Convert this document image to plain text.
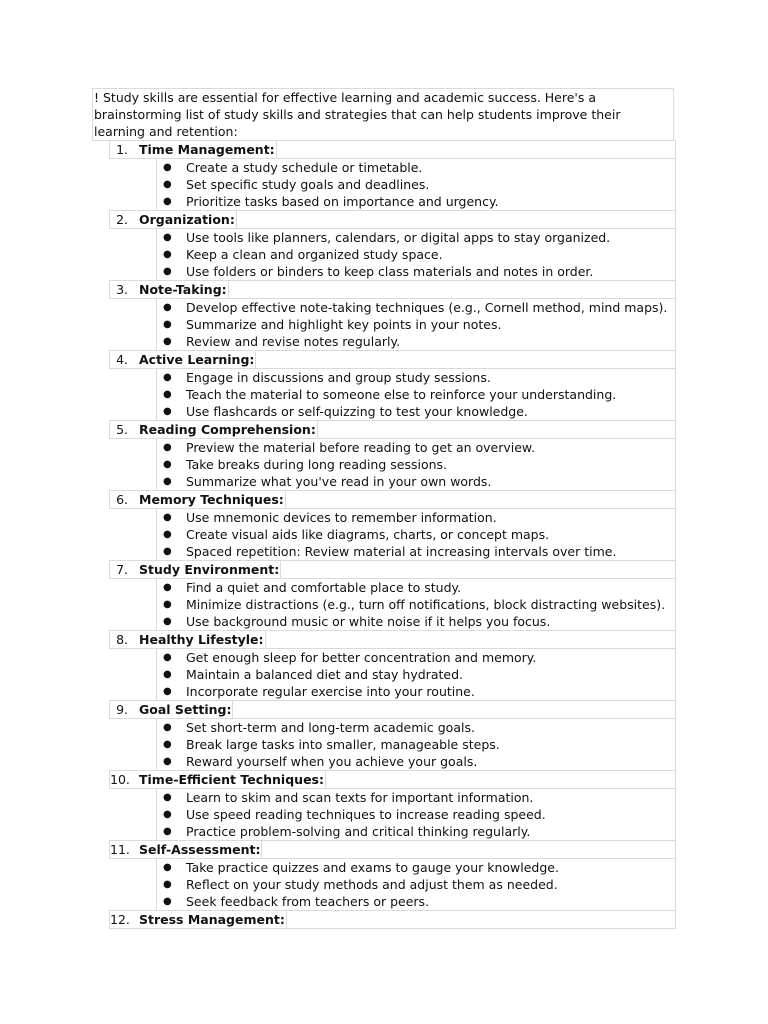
! Study skills are essential for effective learning and academic success. Here's a brainstorming list of study skills and strategies that can help students improve their learning and retention:
1. Time Management:
● Create a study schedule or timetable.
● Set specific study goals and deadlines.
● Prioritize tasks based on importance and urgency.
2. Organization:
● Use tools like planners, calendars, or digital apps to stay organized.
● Keep a clean and organized study space.
● Use folders or binders to keep class materials and notes in order.
3. Note-Taking:
● Develop effective note-taking techniques (e.g., Cornell method, mind maps).
● Summarize and highlight key points in your notes.
● Review and revise notes regularly.
4. Active Learning:
● Engage in discussions and group study sessions.
● Teach the material to someone else to reinforce your understanding.
● Use flashcards or self-quizzing to test your knowledge.
5. Reading Comprehension:
● Preview the material before reading to get an overview.
● Take breaks during long reading sessions.
● Summarize what you've read in your own words.
6. Memory Techniques:
● Use mnemonic devices to remember information.
● Create visual aids like diagrams, charts, or concept maps.
● Spaced repetition: Review material at increasing intervals over time.
7. Study Environment:
● Find a quiet and comfortable place to study.
● Minimize distractions (e.g., turn off notifications, block distracting websites).
● Use background music or white noise if it helps you focus.
8. Healthy Lifestyle:
● Get enough sleep for better concentration and memory.
● Maintain a balanced diet and stay hydrated.
● Incorporate regular exercise into your routine.
9. Goal Setting:
● Set short-term and long-term academic goals.
● Break large tasks into smaller, manageable steps.
● Reward yourself when you achieve your goals.
10. Time-Efficient Techniques:
● Learn to skim and scan texts for important information.
● Use speed reading techniques to increase reading speed.
● Practice problem-solving and critical thinking regularly.
11. Self-Assessment:
● Take practice quizzes and exams to gauge your knowledge.
● Reflect on your study methods and adjust them as needed.
● Seek feedback from teachers or peers.
12. Stress Management:
